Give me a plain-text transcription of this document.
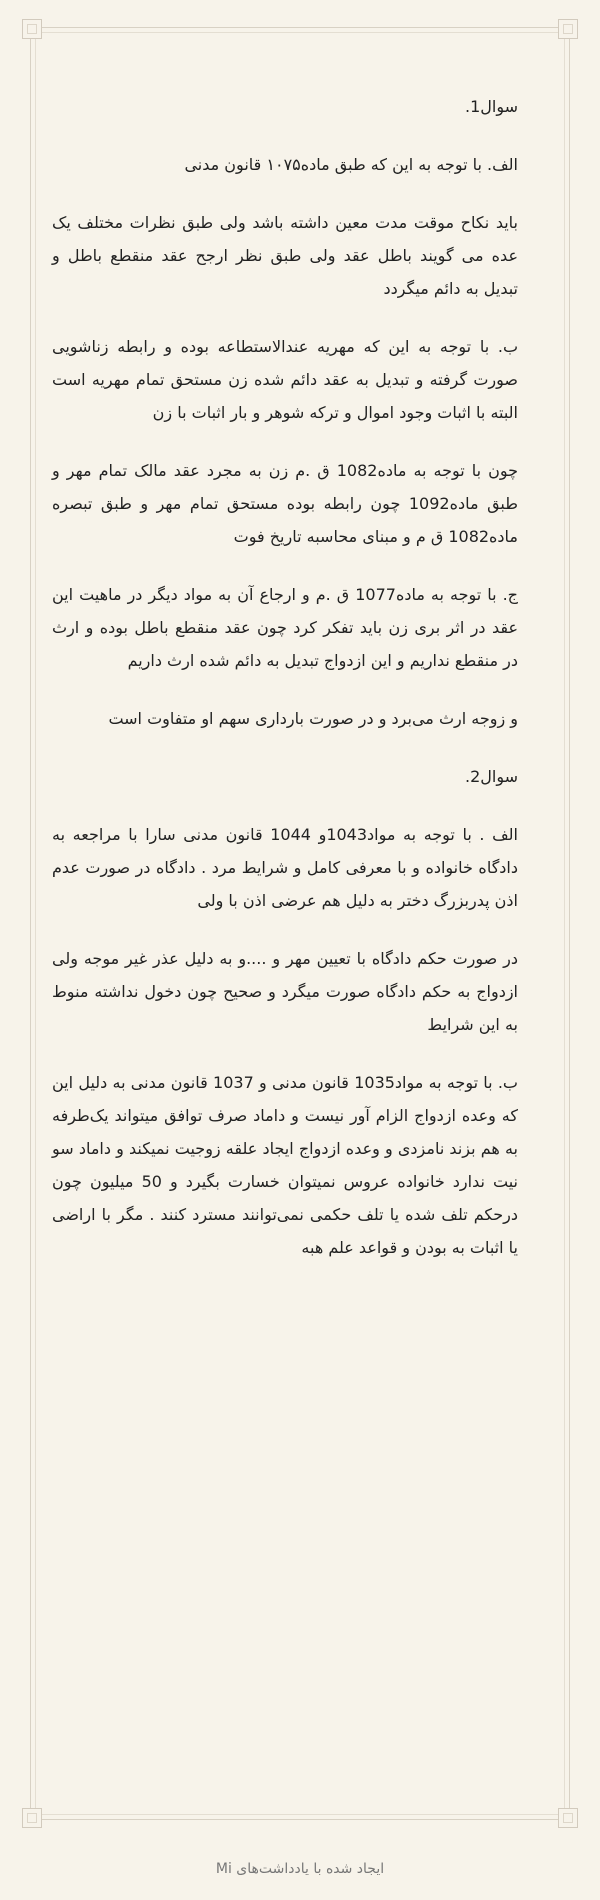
سوال1.

الف. با توجه به این که طبق ماده۱۰۷۵ قانون مدنی

باید نکاح موقت مدت معین داشته باشد ولی طبق نظرات مختلف یک عده می گویند باطل عقد ولی طبق نظر ارجح عقد منقطع باطل و تبدیل به دائم میگردد

ب. با توجه به این که مهریه عندالاستطاعه بوده و رابطه زناشویی صورت گرفته و تبدیل به عقد دائم شده زن مستحق تمام مهریه است البته با اثبات وجود اموال و ترکه شوهر و بار اثبات با زن

چون با توجه به ماده1082 ق .م زن به مجرد عقد مالک تمام مهر و طبق ماده1092 چون رابطه بوده مستحق تمام مهر و طبق تبصره ماده1082 ق م و مبنای محاسبه تاریخ فوت

ج. با توجه به ماده1077 ق .م و ارجاع آن به مواد دیگر در ماهیت این عقد در اثر بری زن باید تفکر کرد چون عقد منقطع باطل بوده و ارث در منقطع نداریم و این ازدواج تبدیل به دائم شده ارث داریم

و زوجه ارث می‌برد و در صورت بارداری سهم او متفاوت است

سوال2.

الف . با توجه به مواد1043و 1044 قانون مدنی سارا با مراجعه به دادگاه خانواده و با معرفی کامل و شرایط مرد . دادگاه در صورت عدم اذن پدربزرگ دختر به دلیل هم عرضی اذن با ولی

در صورت حکم دادگاه با تعیین مهر و ....و به دلیل عذر غیر موجه ولی ازدواج به حکم دادگاه صورت میگرد و صحیح چون دخول نداشته منوط به این شرایط

ب. با توجه به مواد1035 قانون مدنی و 1037 قانون مدنی به دلیل این که وعده ازدواج الزام آور نیست و داماد صرف توافق میتواند یک‌طرفه به هم بزند نامزدی و وعده ازدواج ایجاد علقه زوجیت نمیکند و داماد سو نیت ندارد خانواده عروس نمیتوان خسارت بگیرد و 50 میلیون چون درحکم تلف شده یا تلف حکمی نمی‌توانند مسترد کنند . مگر با اراضی یا اثبات به بودن و قواعد علم هبه

ایجاد شده با یادداشت‌های Mi
